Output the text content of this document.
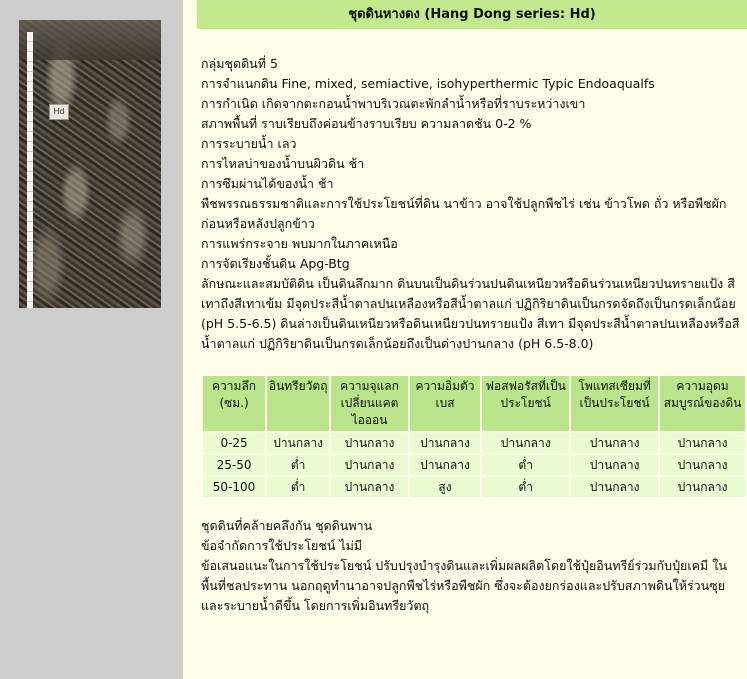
Hd
ชุดดินหางดง (Hang Dong series: Hd)

กลุ่มชุดดินที่ 5

การจำแนกดิน Fine, mixed, semiactive, isohyperthermic Typic Endoaqualfs

การกำเนิด เกิดจากตะกอนน้ำพาบริเวณตะพักลำน้ำหรือที่ราบระหว่างเขา

สภาพพื้นที่ ราบเรียบถึงค่อนข้างราบเรียบ ความลาดชัน 0-2 %

การระบายน้ำ เลว

การไหลบ่าของน้ำบนผิวดิน ช้า

การซึมผ่านได้ของน้ำ ช้า

พืชพรรณธรรมชาติและการใช้ประโยชน์ที่ดิน นาข้าว อาจใช้ปลูกพืชไร่ เช่น ข้าวโพด ถั่ว หรือพืชผักก่อนหรือหลังปลูกข้าว

การแพร่กระจาย พบมากในภาคเหนือ

การจัดเรียงชั้นดิน Apg-Btg

ลักษณะและสมบัติดิน เป็นดินลึกมาก ดินบนเป็นดินร่วนปนดินเหนียวหรือดินร่วนเหนียวปนทรายแป้ง สีเทาถึงสีเทาเข้ม มีจุดประสีน้ำตาลปนเหลืองหรือสีน้ำตาลแก่ ปฏิกิริยาดินเป็นกรดจัดถึงเป็นกรดเล็กน้อย (pH 5.5-6.5) ดินล่างเป็นดินเหนียวหรือดินเหนียวปนทรายแป้ง สีเทา มีจุดประสีน้ำตาลปนเหลืองหรือสีน้ำตาลแก่ ปฏิกิริยาดินเป็นกรดเล็กน้อยถึงเป็นด่างปานกลาง (pH 6.5-8.0)

ความลึก (ซม.)	อินทรียวัตถุ	ความจุแลกเปลี่ยนแคตไอออน	ความอิ่มตัวเบส	ฟอสฟอรัสที่เป็นประโยชน์	โพแทสเซียมที่เป็นประโยชน์	ความอุดมสมบูรณ์ของดิน
0-25	ปานกลาง	ปานกลาง	ปานกลาง	ปานกลาง	ปานกลาง	ปานกลาง
25-50	ต่ำ	ปานกลาง	ปานกลาง	ต่ำ	ปานกลาง	ปานกลาง
50-100	ต่ำ	ปานกลาง	สูง	ต่ำ	ปานกลาง	ปานกลาง

ชุดดินที่คล้ายคลึงกัน ชุดดินพาน

ข้อจำกัดการใช้ประโยชน์ ไม่มี

ข้อเสนอแนะในการใช้ประโยชน์ ปรับปรุงบำรุงดินและเพิ่มผลผลิตโดยใช้ปุ๋ยอินทรีย์ร่วมกับปุ๋ยเคมี ในพื้นที่ชลประทาน นอกฤดูทำนาอาจปลูกพืชไร่หรือพืชผัก ซึ่งจะต้องยกร่องและปรับสภาพดินให้ร่วนซุยและระบายน้ำดีขึ้น โดยการเพิ่มอินทรียวัตถุ
